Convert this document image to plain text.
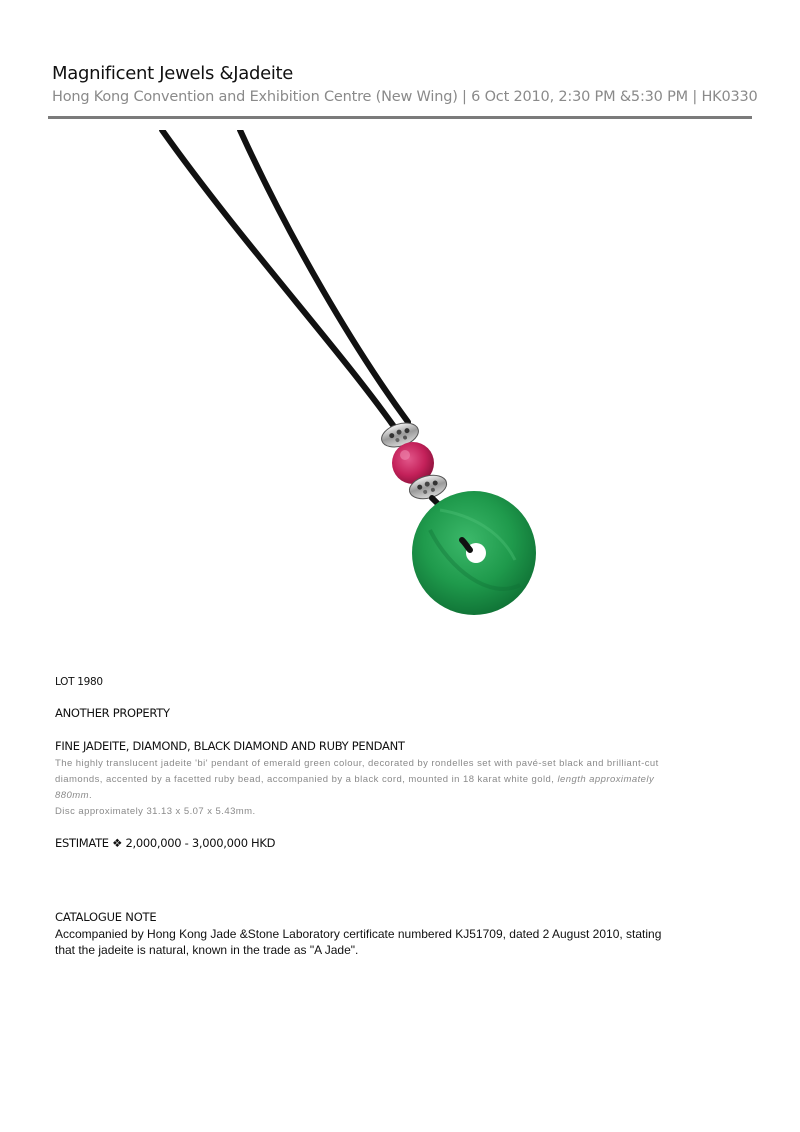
Magnificent Jewels &Jadeite
Hong Kong Convention and Exhibition Centre (New Wing) | 6 Oct 2010, 2:30 PM &5:30 PM | HK0330
LOT 1980
ANOTHER PROPERTY
FINE JADEITE, DIAMOND, BLACK DIAMOND AND RUBY PENDANT
The highly translucent jadeite 'bi' pendant of emerald green colour, decorated by rondelles set with pavé-set black and brilliant-cut diamonds, accented by a facetted ruby bead, accompanied by a black cord, mounted in 18 karat white gold, length approximately 880mm.
Disc approximately 31.13 x 5.07 x 5.43mm.
ESTIMATE ❖ 2,000,000 - 3,000,000 HKD
CATALOGUE NOTE
Accompanied by Hong Kong Jade &Stone Laboratory certificate numbered KJ51709, dated 2 August 2010, stating that the jadeite is natural, known in the trade as "A Jade".
